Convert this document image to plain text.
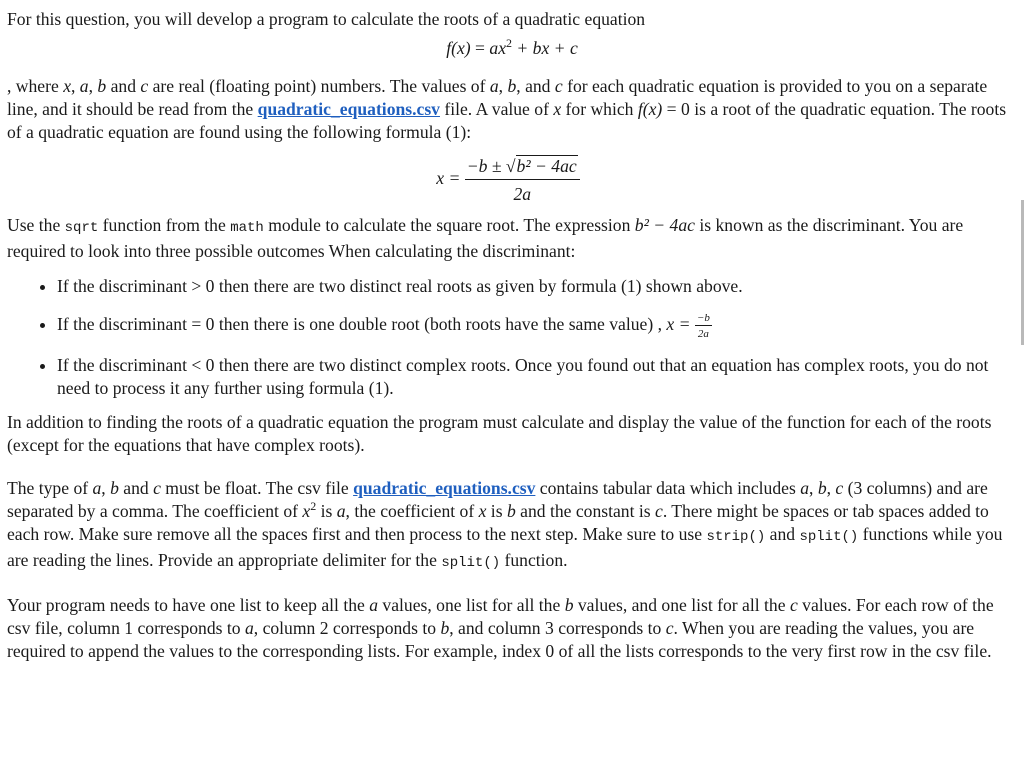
For this question, you will develop a program to calculate the roots of a quadratic equation

$f(x) = ax^2$ + bx + c

, where x, a, b and c are real (floating point) numbers. The values of a, b, and c for each quadratic equation is provided to you on a separate line, and it should be read from the quadratic_equations.csv file. A value of x for which f(x) = 0 is a root of the quadratic equation. The roots of a quadratic equation are found using the following formula (1):

$x = \frac{\text{−b ± √b² − 4ac}}{2a}$

Use the sqrt function from the math module to calculate the square root. The expression b² − 4ac is known as the discriminant. You are required to look into three possible outcomes When calculating the discriminant:

• If the discriminant > 0 then there are two distinct real roots as given by formula (1) shown above.
• If the discriminant = 0 then there is one double root (both roots have the same value) , $x = \frac{-b}{2a}$
• If the discriminant < 0 then there are two distinct complex roots. Once you found out that an equation has complex roots, you do not need to process it any further using formula (1).

In addition to finding the roots of a quadratic equation the program must calculate and display the value of the function for each of the roots (except for the equations that have complex roots).

The type of a, b and c must be float. The csv file quadratic_equations.csv contains tabular data which includes a, b, c (3 columns) and are separated by a comma. The coefficient of $x^2$ is a, the coefficient of x is b and the constant is c. There might be spaces or tab spaces added to each row. Make sure remove all the spaces first and then process to the next step. Make sure to use strip() and split() functions while you are reading the lines. Provide an appropriate delimiter for the split() function.

Your program needs to have one list to keep all the a values, one list for all the b values, and one list for all the c values. For each row of the csv file, column 1 corresponds to a, column 2 corresponds to b, and column 3 corresponds to c. When you are reading the values, you are required to append the values to the corresponding lists. For example, index 0 of all the lists corresponds to the very first row in the csv file.
